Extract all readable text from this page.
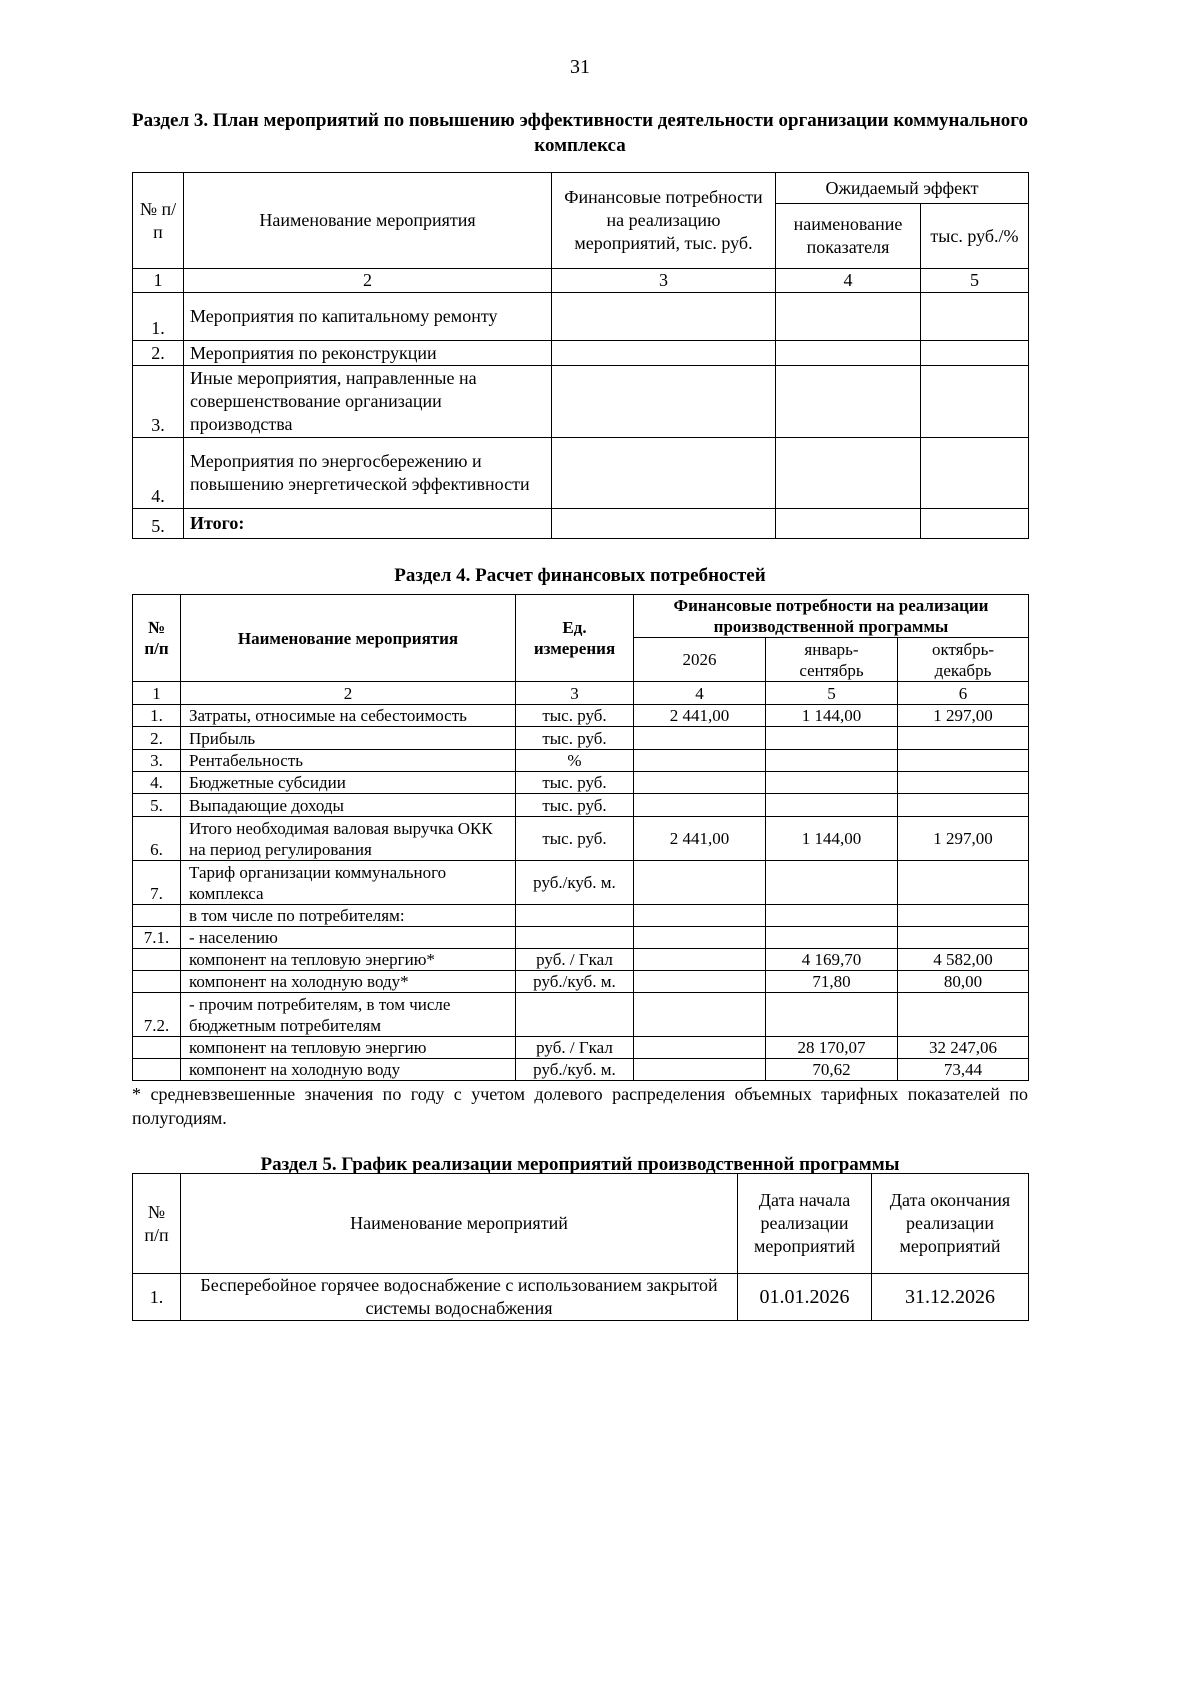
31
Раздел 3. План мероприятий по повышению эффективности деятельности организации коммунального комплекса
№ п/п	Наименование мероприятия	Финансовые потребности на реализацию мероприятий, тыс. руб.	Ожидаемый эффект	
			наименование показателя	тыс. руб./%
1	2	3	4	5
1.	Мероприятия по капитальному ремонту			
2.	Мероприятия по реконструкции			
3.	Иные мероприятия, направленные на совершенствование организации производства			
4.	Мероприятия по энергосбережению и повышению энергетической эффективности			
5.	Итого:			
Раздел 4. Расчет финансовых потребностей
№ п/п	Наименование мероприятия	Ед. измерения	Финансовые потребности на реализации производственной программы		
			2026	январь-сентябрь	октябрь-декабрь
1	2	3	4	5	6
1.	Затраты, относимые на себестоимость	тыс. руб.	2 441,00	1 144,00	1 297,00
2.	Прибыль	тыс. руб.			
3.	Рентабельность	%			
4.	Бюджетные субсидии	тыс. руб.			
5.	Выпадающие доходы	тыс. руб.			
6.	Итого необходимая валовая выручка ОКК на период регулирования	тыс. руб.	2 441,00	1 144,00	1 297,00
7.	Тариф организации коммунального комплекса	руб./куб. м.			
	в том числе по потребителям:				
7.1.	- населению				
	компонент на тепловую энергию*	руб. / Гкал		4 169,70	4 582,00
	компонент на холодную воду*	руб./куб. м.		71,80	80,00
7.2.	- прочим потребителям, в том числе бюджетным потребителям				
	компонент на тепловую энергию	руб. / Гкал		28 170,07	32 247,06
	компонент на холодную воду	руб./куб. м.		70,62	73,44
* средневзвешенные значения по году с учетом долевого распределения объемных тарифных показателей по полугодиям.
Раздел 5. График реализации мероприятий производственной программы
№ п/п	Наименование мероприятий	Дата начала реализации мероприятий	Дата окончания реализации мероприятий
1.	Бесперебойное горячее водоснабжение с использованием закрытой системы водоснабжения	01.01.2026	31.12.2026
